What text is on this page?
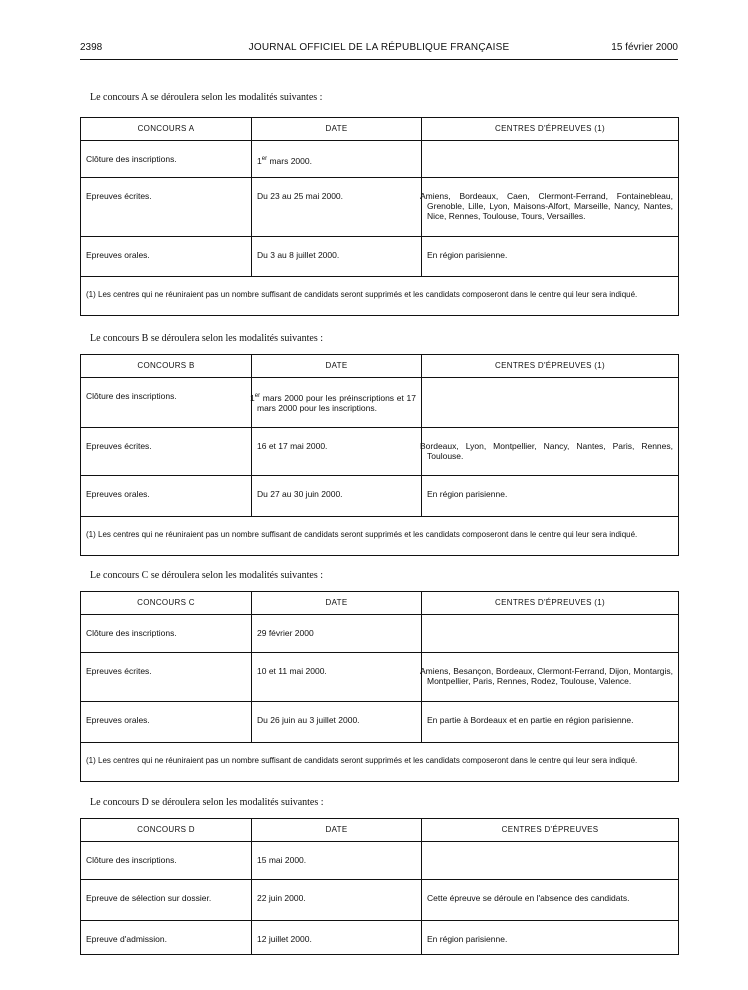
2398	JOURNAL OFFICIEL DE LA RÉPUBLIQUE FRANÇAISE	15 février 2000
Le concours A se déroulera selon les modalités suivantes :
CONCOURS A	DATE	CENTRES D'ÉPREUVES (1)
Clôture des inscriptions.	1er mars 2000.	
Epreuves écrites.	Du 23 au 25 mai 2000.	Amiens, Bordeaux, Caen, Clermont-Ferrand, Fontainebleau, Grenoble, Lille, Lyon, Maisons-Alfort, Marseille, Nancy, Nantes, Nice, Rennes, Toulouse, Tours, Versailles.
Epreuves orales.	Du 3 au 8 juillet 2000.	En région parisienne.
(1) Les centres qui ne réuniraient pas un nombre suffisant de candidats seront supprimés et les candidats composeront dans le centre qui leur sera indiqué.		
Le concours B se déroulera selon les modalités suivantes :
CONCOURS B	DATE	CENTRES D'ÉPREUVES (1)
Clôture des inscriptions.	1er mars 2000 pour les préinscriptions et 17 mars 2000 pour les inscriptions.	
Epreuves écrites.	16 et 17 mai 2000.	Bordeaux, Lyon, Montpellier, Nancy, Nantes, Paris, Rennes, Toulouse.
Epreuves orales.	Du 27 au 30 juin 2000.	En région parisienne.
(1) Les centres qui ne réuniraient pas un nombre suffisant de candidats seront supprimés et les candidats composeront dans le centre qui leur sera indiqué.		
Le concours C se déroulera selon les modalités suivantes :
CONCOURS C	DATE	CENTRES D'ÉPREUVES (1)
Clôture des inscriptions.	29 février 2000	
Epreuves écrites.	10 et 11 mai 2000.	Amiens, Besançon, Bordeaux, Clermont-Ferrand, Dijon, Montargis, Montpellier, Paris, Rennes, Rodez, Toulouse, Valence.
Epreuves orales.	Du 26 juin au 3 juillet 2000.	En partie à Bordeaux et en partie en région parisienne.
(1) Les centres qui ne réuniraient pas un nombre suffisant de candidats seront supprimés et les candidats composeront dans le centre qui leur sera indiqué.		
Le concours D se déroulera selon les modalités suivantes :
CONCOURS D	DATE	CENTRES D'ÉPREUVES
Clôture des inscriptions.	15 mai 2000.	
Epreuve de sélection sur dossier.	22 juin 2000.	Cette épreuve se déroule en l'absence des candidats.
Epreuve d'admission.	12 juillet 2000.	En région parisienne.
